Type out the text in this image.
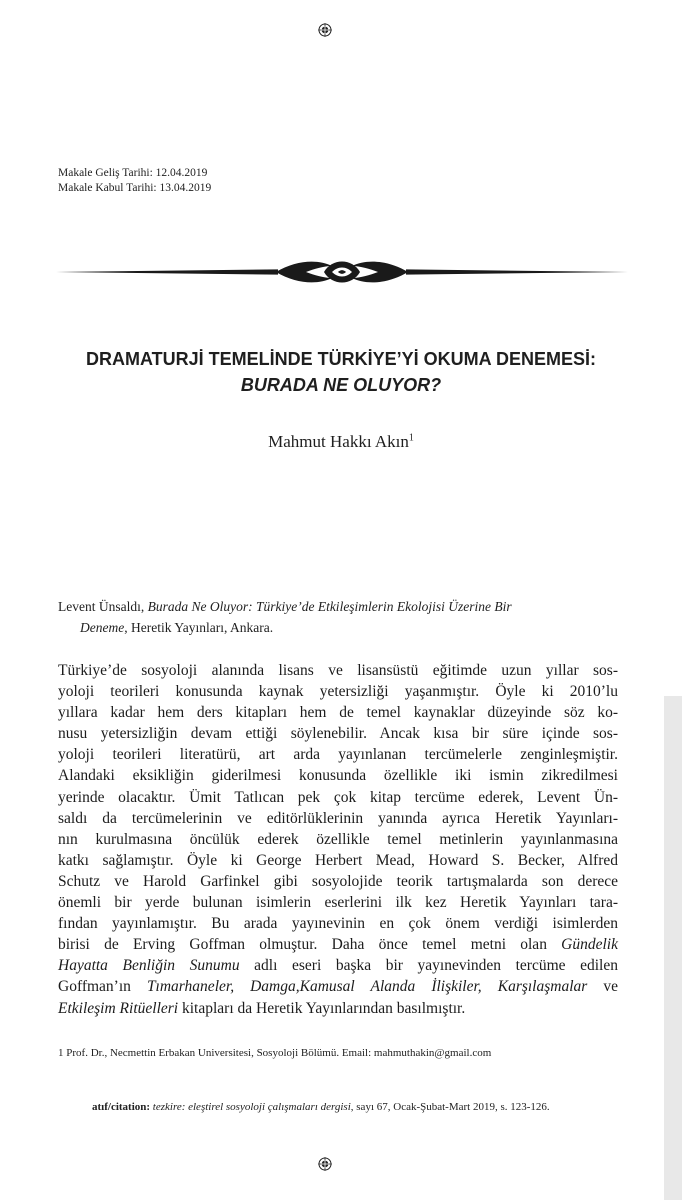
Makale Geliş Tarihi: 12.04.2019
Makale Kabul Tarihi: 13.04.2019
DRAMATURJİ TEMELİNDE TÜRKİYE’Yİ OKUMA DENEMESİ:
BURADA NE OLUYOR?
Mahmut Hakkı Akın$^1$
Levent Ünsaldı, Burada Ne Oluyor: Türkiye’de Etkileşimlerin Ekolojisi Üzerine Bir
Deneme, Heretik Yayınları, Ankara.
Türkiye’de sosyoloji alanında lisans ve lisansüstü eğitimde uzun yıllar sos-
yoloji teorileri konusunda kaynak yetersizliği yaşanmıştır. Öyle ki 2010’lu
yıllara kadar hem ders kitapları hem de temel kaynaklar düzeyinde söz ko-
nusu yetersizliğin devam ettiği söylenebilir. Ancak kısa bir süre içinde sos-
yoloji teorileri literatürü, art arda yayınlanan tercümelerle zenginleşmiştir.
Alandaki eksikliğin giderilmesi konusunda özellikle iki ismin zikredilmesi
yerinde olacaktır. Ümit Tatlıcan pek çok kitap tercüme ederek, Levent Ün-
saldı da tercümelerinin ve editörlüklerinin yanında ayrıca Heretik Yayınları-
nın kurulmasına öncülük ederek özellikle temel metinlerin yayınlanmasına
katkı sağlamıştır. Öyle ki George Herbert Mead, Howard S. Becker, Alfred
Schutz ve Harold Garfinkel gibi sosyolojide teorik tartışmalarda son derece
önemli bir yerde bulunan isimlerin eserlerini ilk kez Heretik Yayınları tara-
fından yayınlamıştır. Bu arada yayınevinin en çok önem verdiği isimlerden
birisi de Erving Goffman olmuştur. Daha önce temel metni olan Gündelik
Hayatta Benliğin Sunumu adlı eseri başka bir yayınevinden tercüme edilen
Goffman’ın Tımarhaneler, Damga,Kamusal Alanda İlişkiler, Karşılaşmalar ve
Etkileşim Ritüelleri kitapları da Heretik Yayınlarından basılmıştır.
1 Prof. Dr., Necmettin Erbakan Universitesi, Sosyoloji Bölümü. Email: mahmuthakin@gmail.com
atıf/citation: tezkire: eleştirel sosyoloji çalışmaları dergisi, sayı 67, Ocak-Şubat-Mart 2019, s. 123-126.
